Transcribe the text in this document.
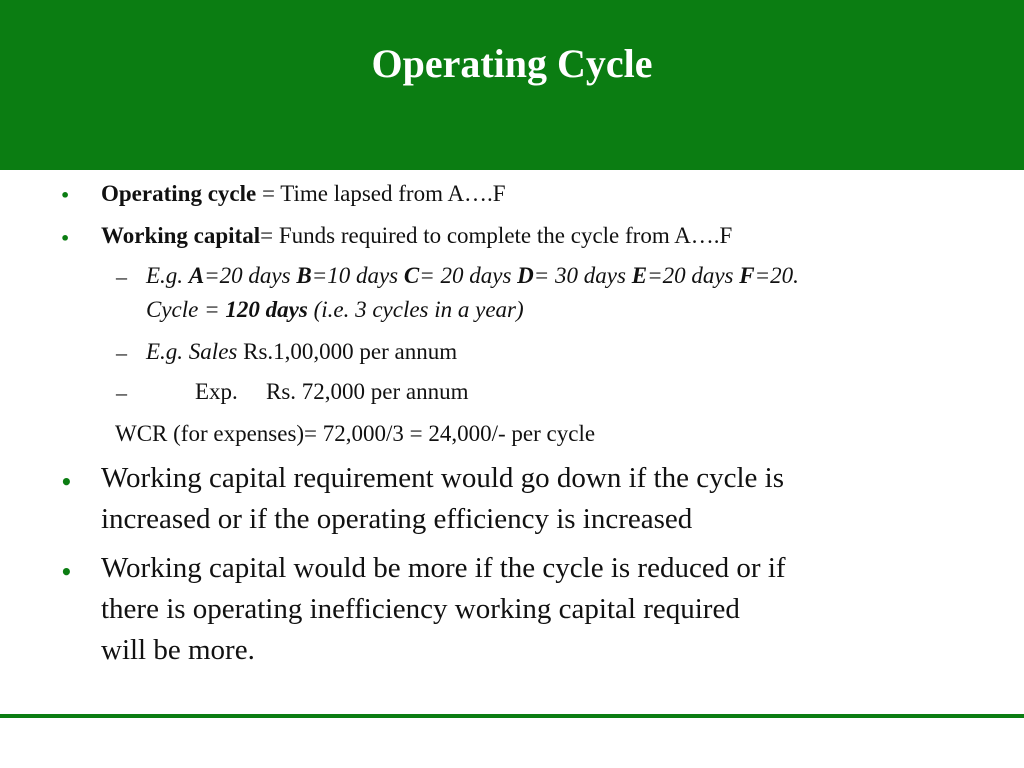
Operating Cycle
• Operating cycle = Time lapsed from A….F
• Working capital= Funds required to complete the cycle from A….F
– E.g. A=20 days B=10 days C= 20 days D= 30 days E=20 days F=20.
Cycle = 120 days (i.e. 3 cycles in a year)
– E.g. Sales Rs.1,00,000 per annum
–	Exp. Rs. 72,000 per annum
WCR (for expenses)= 72,000/3 = 24,000/- per cycle
• Working capital requirement would go down if the cycle is
increased or if the operating efficiency is increased
• Working capital would be more if the cycle is reduced or if
there is operating inefficiency working capital required
will be more.
